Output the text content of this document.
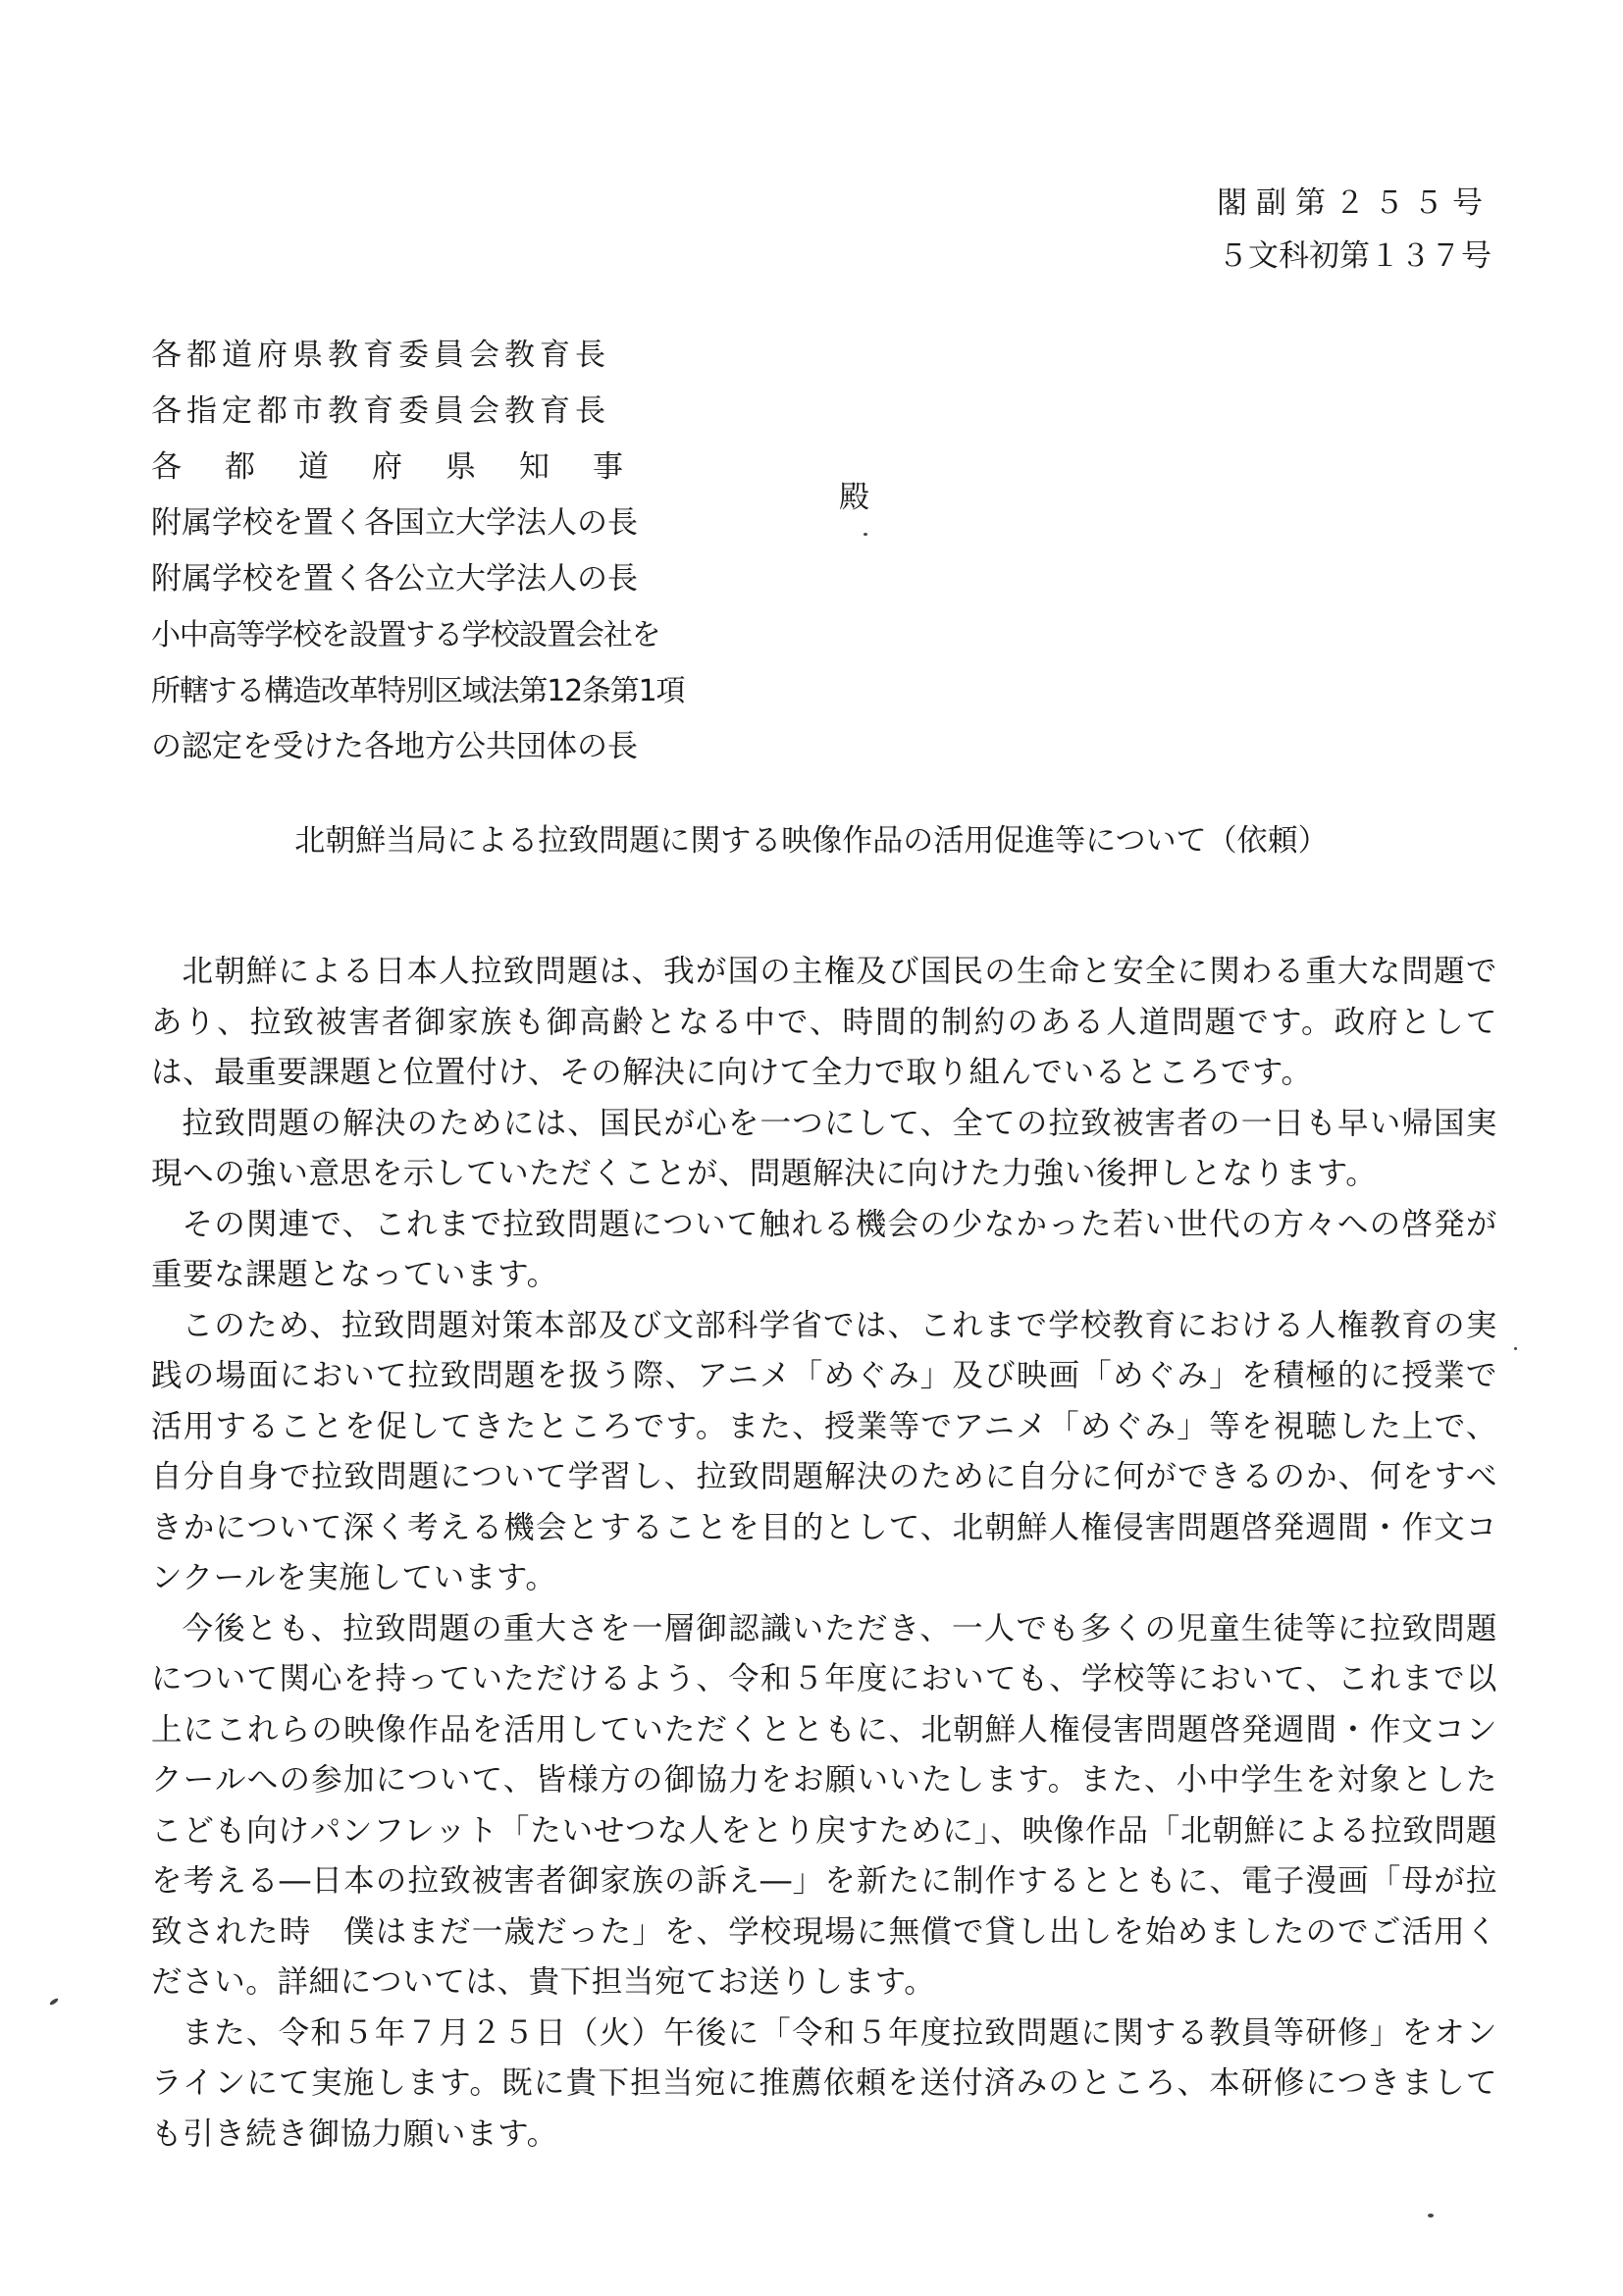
閣副第２５５号
５文科初第１３７号
各都道府県教育委員会教育長
各指定都市教育委員会教育長
各都道府県知事
附属学校を置く各国立大学法人の長
附属学校を置く各公立大学法人の長
小中高等学校を設置する学校設置会社を
所轄する構造改革特別区域法第12条第1項
の認定を受けた各地方公共団体の長
殿
北朝鮮当局による拉致問題に関する映像作品の活用促進等について（依頼）

北朝鮮による日本人拉致問題は、我が国の主権及び国民の生命と安全に関わる重大な問題であり、拉致被害者御家族も御高齢となる中で、時間的制約のある人道問題です。政府としては、最重要課題と位置付け、その解決に向けて全力で取り組んでいるところです。

拉致問題の解決のためには、国民が心を一つにして、全ての拉致被害者の一日も早い帰国実現への強い意思を示していただくことが、問題解決に向けた力強い後押しとなります。

その関連で、これまで拉致問題について触れる機会の少なかった若い世代の方々への啓発が重要な課題となっています。

このため、拉致問題対策本部及び文部科学省では、これまで学校教育における人権教育の実践の場面において拉致問題を扱う際、アニメ「めぐみ」及び映画「めぐみ」を積極的に授業で活用することを促してきたところです。また、授業等でアニメ「めぐみ」等を視聴した上で、自分自身で拉致問題について学習し、拉致問題解決のために自分に何ができるのか、何をすべきかについて深く考える機会とすることを目的として、北朝鮮人権侵害問題啓発週間・作文コンクールを実施しています。

今後とも、拉致問題の重大さを一層御認識いただき、一人でも多くの児童生徒等に拉致問題について関心を持っていただけるよう、令和５年度においても、学校等において、これまで以上にこれらの映像作品を活用していただくとともに、北朝鮮人権侵害問題啓発週間・作文コンクールへの参加について、皆様方の御協力をお願いいたします。また、小中学生を対象としたこども向けパンフレット「たいせつな人をとり戻すために」、映像作品「北朝鮮による拉致問題を考える―日本の拉致被害者御家族の訴え―」を新たに制作するとともに、電子漫画「母が拉致された時　僕はまだ一歳だった」を、学校現場に無償で貸し出しを始めましたのでご活用ください。詳細については、貴下担当宛てお送りします。

また、令和５年７月２５日（火）午後に「令和５年度拉致問題に関する教員等研修」をオンラインにて実施します。既に貴下担当宛に推薦依頼を送付済みのところ、本研修につきましても引き続き御協力願います。
